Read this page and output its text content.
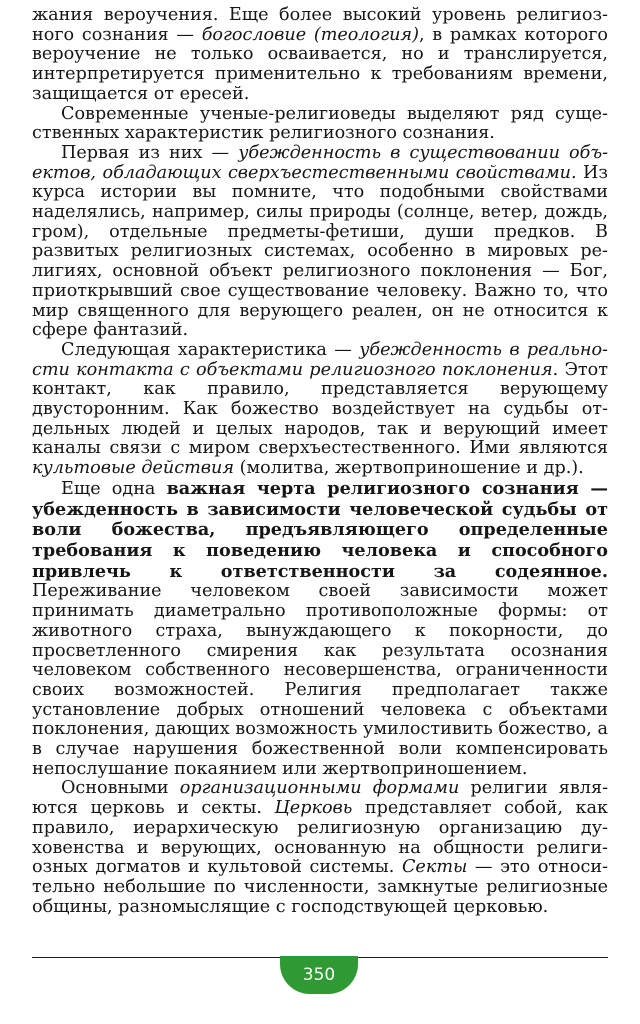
жания вероучения. Еще более высокий уровень религиозного сознания — богословие (теология), в рамках которого вероучение не только осваивается, но и транслируется, интерпретируется применительно к требованиям времени, защищается от ересей.

Современные ученые-религиоведы выделяют ряд существенных характеристик религиозного сознания.

Первая из них — убежденность в существовании объектов, обладающих сверхъестественными свойствами. Из курса истории вы помните, что подобными свойствами наделялись, например, силы природы (солнце, ветер, дождь, гром), отдельные предметы-фетиши, души предков. В развитых религиозных системах, особенно в мировых религиях, основной объект религиозного поклонения — Бог, приоткрывший свое существование человеку. Важно то, что мир священного для верующего реален, он не относится к сфере фантазий.

Следующая характеристика — убежденность в реальности контакта с объектами религиозного поклонения. Этот контакт, как правило, представляется верующему двусторонним. Как божество воздействует на судьбы отдельных людей и целых народов, так и верующий имеет каналы связи с миром сверхъестественного. Ими являются культовые действия (молитва, жертвоприношение и др.).

Еще одна важная черта религиозного сознания — убежденность в зависимости человеческой судьбы от воли божества, предъявляющего определенные требования к поведению человека и способного привлечь к ответственности за содеянное. Переживание человеком своей зависимости может принимать диаметрально противоположные формы: от животного страха, вынуждающего к покорности, до просветленного смирения как результата осознания человеком собственного несовершенства, ограниченности своих возможностей. Религия предполагает также установление добрых отношений человека с объектами поклонения, дающих возможность умилостивить божество, а в случае нарушения божественной воли компенсировать непослушание покаянием или жертвоприношением.

Основными организационными формами религии являются церковь и секты. Церковь представляет собой, как правило, иерархическую религиозную организацию духовенства и верующих, основанную на общности религиозных догматов и культовой системы. Секты — это относительно небольшие по численности, замкнутые религиозные общины, разномыслящие с господствующей церковью.

350
